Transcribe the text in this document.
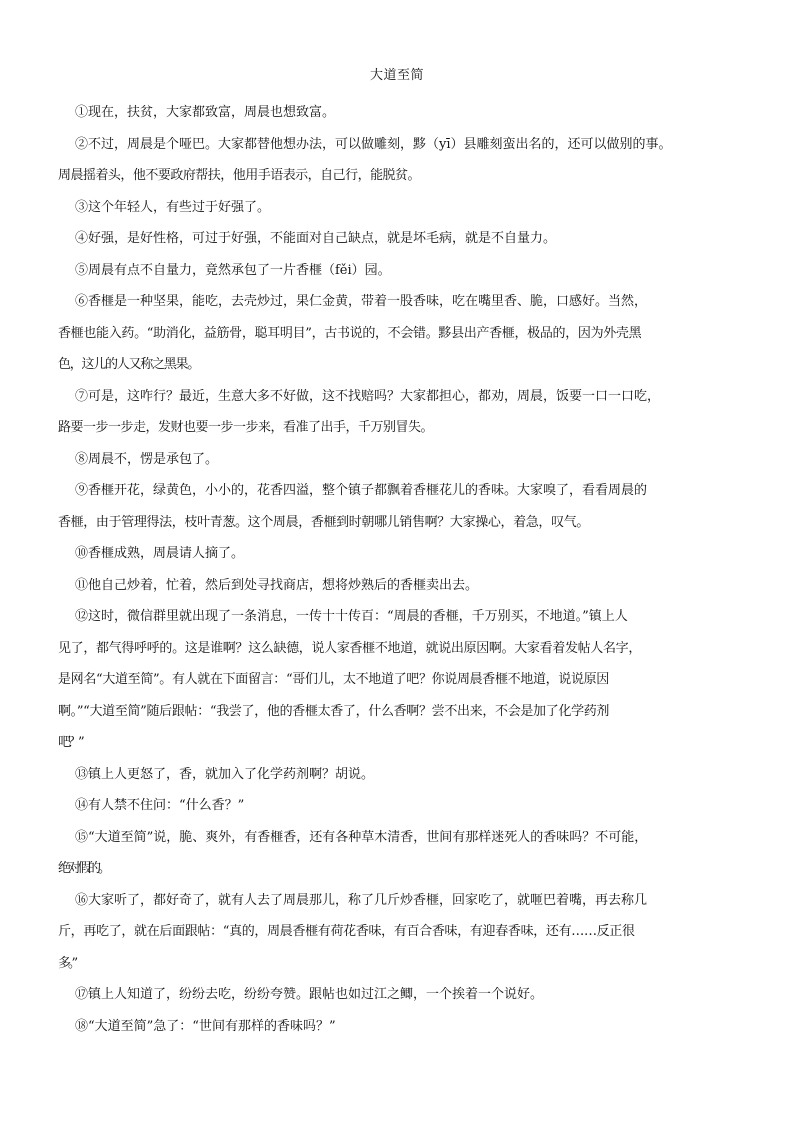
大道至简
①现在，扶贫，大家都致富，周晨也想致富。
②不过，周晨是个哑巴。大家都替他想办法，可以做雕刻，黟（yī）县雕刻蛮出名的，还可以做别的事。
周晨摇着头，他不要政府帮扶，他用手语表示，自己行，能脱贫。
③这个年轻人，有些过于好强了。
④好强，是好性格，可过于好强，不能面对自己缺点，就是坏毛病，就是不自量力。
⑤周晨有点不自量力，竟然承包了一片香榧（fěi）园。
⑥香榧是一种坚果，能吃，去壳炒过，果仁金黄，带着一股香味，吃在嘴里香、脆，口感好。当然，
香榧也能入药。“助消化，益筋骨，聪耳明目”，古书说的，不会错。黟县出产香榧，极品的，因为外壳黑
色，这儿的人又称之黑果。
⑦可是，这咋行？最近，生意大多不好做，这不找赔吗？大家都担心，都劝，周晨，饭要一口一口吃，
路要一步一步走，发财也要一步一步来，看准了出手，千万别冒失。
⑧周晨不，愣是承包了。
⑨香榧开花，绿黄色，小小的，花香四溢，整个镇子都飘着香榧花儿的香味。大家嗅了，看看周晨的
香榧，由于管理得法，枝叶青葱。这个周晨，香榧到时朝哪儿销售啊？大家操心，着急，叹气。
⑩香榧成熟，周晨请人摘了。
⑪他自己炒着，忙着，然后到处寻找商店，想将炒熟后的香榧卖出去。
⑫这时，微信群里就出现了一条消息，一传十十传百：“周晨的香榧，千万别买，不地道。”镇上人
见了，都气得呼呼的。这是谁啊？这么缺德，说人家香榧不地道，就说出原因啊。大家看着发帖人名字，
是网名“大道至简”。有人就在下面留言：“哥们儿，太不地道了吧？你说周晨香榧不地道，说说原因
啊。”“大道至简”随后跟帖：“我尝了，他的香榧太香了，什么香啊？尝不出来，不会是加了化学药剂
吧？”
⑬镇上人更怒了，香，就加入了化学药剂啊？胡说。
⑭有人禁不住问：“什么香？”
⑮“大道至简”说，脆、爽外，有香榧香，还有各种草木清香，世间有那样迷死人的香味吗？不可能，
绝对假的。
⑯大家听了，都好奇了，就有人去了周晨那儿，称了几斤炒香榧，回家吃了，就咂巴着嘴，再去称几
斤，再吃了，就在后面跟帖：“真的，周晨香榧有荷花香味，有百合香味，有迎春香味，还有……反正很
多。”
⑰镇上人知道了，纷纷去吃，纷纷夸赞。跟帖也如过江之鲫，一个挨着一个说好。
⑱“大道至简”急了：“世间有那样的香味吗？”
